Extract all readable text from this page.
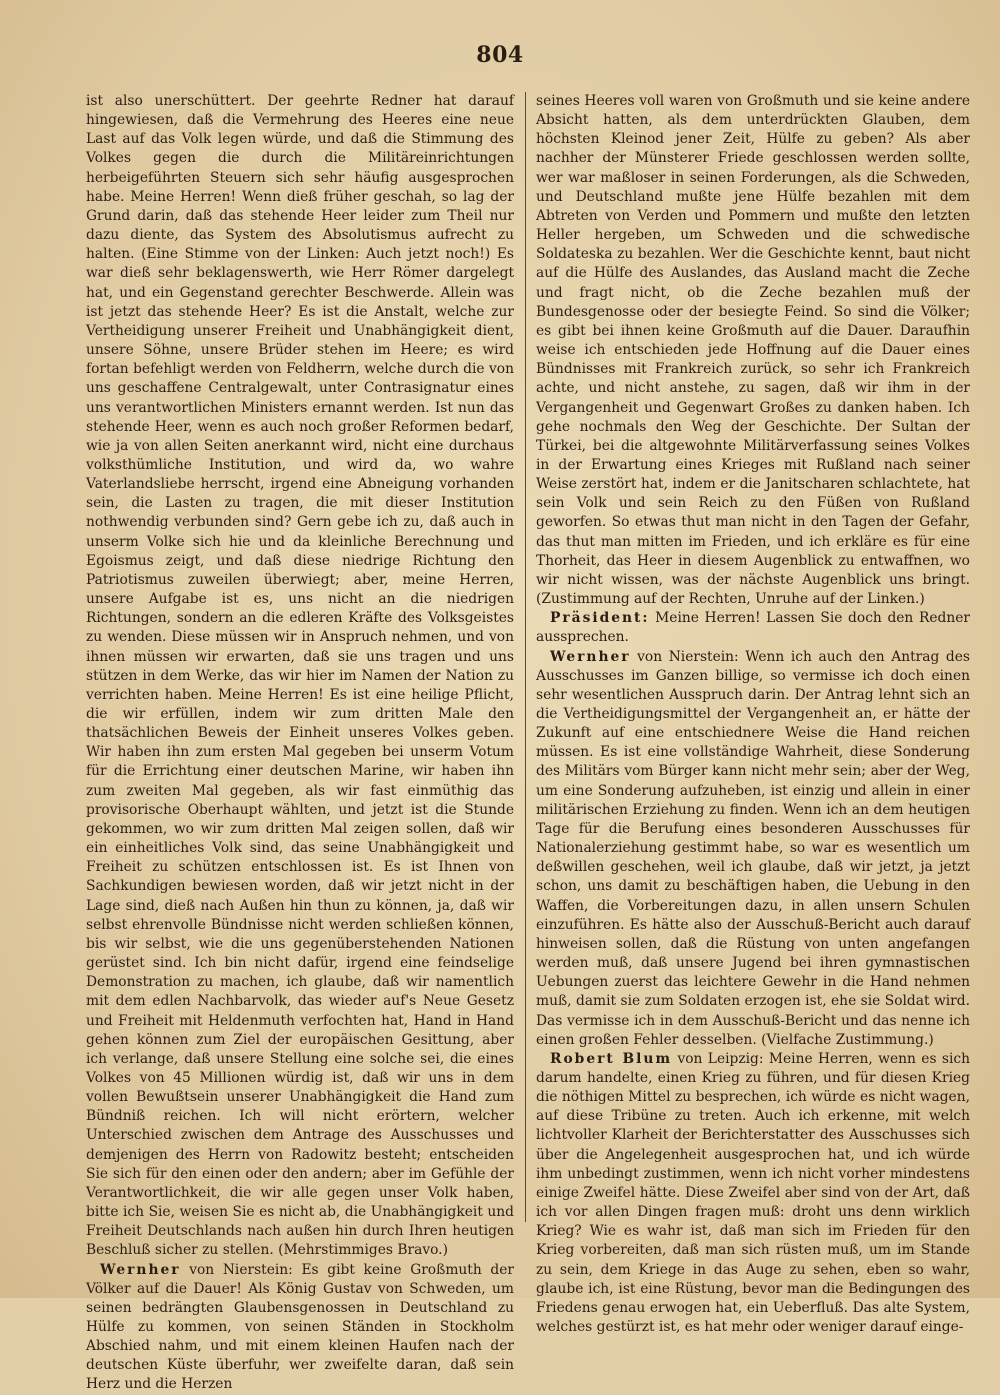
804

ist also unerschüttert. Der geehrte Redner hat darauf hingewiesen, daß die Vermehrung des Heeres eine neue Last auf das Volk legen würde, und daß die Stimmung des Volkes gegen die durch die Militäreinrichtungen herbeigeführten Steuern sich sehr häufig ausgesprochen habe. Meine Herren! Wenn dieß früher geschah, so lag der Grund darin, daß das stehende Heer leider zum Theil nur dazu diente, das System des Absolutismus aufrecht zu halten. (Eine Stimme von der Linken: Auch jetzt noch!) Es war dieß sehr beklagenswerth, wie Herr Römer dargelegt hat, und ein Gegenstand gerechter Beschwerde. Allein was ist jetzt das stehende Heer? Es ist die Anstalt, welche zur Vertheidigung unserer Freiheit und Unabhängigkeit dient, unsere Söhne, unsere Brüder stehen im Heere; es wird fortan befehligt werden von Feldherrn, welche durch die von uns geschaffene Centralgewalt, unter Contrasignatur eines uns verantwortlichen Ministers ernannt werden. Ist nun das stehende Heer, wenn es auch noch großer Reformen bedarf, wie ja von allen Seiten anerkannt wird, nicht eine durchaus volksthümliche Institution, und wird da, wo wahre Vaterlandsliebe herrscht, irgend eine Abneigung vorhanden sein, die Lasten zu tragen, die mit dieser Institution nothwendig verbunden sind? Gern gebe ich zu, daß auch in unserm Volke sich hie und da kleinliche Berechnung und Egoismus zeigt, und daß diese niedrige Richtung den Patriotismus zuweilen überwiegt; aber, meine Herren, unsere Aufgabe ist es, uns nicht an die niedrigen Richtungen, sondern an die edleren Kräfte des Volksgeistes zu wenden. Diese müssen wir in Anspruch nehmen, und von ihnen müssen wir erwarten, daß sie uns tragen und uns stützen in dem Werke, das wir hier im Namen der Nation zu verrichten haben. Meine Herren! Es ist eine heilige Pflicht, die wir erfüllen, indem wir zum dritten Male den thatsächlichen Beweis der Einheit unseres Volkes geben. Wir haben ihn zum ersten Mal gegeben bei unserm Votum für die Errichtung einer deutschen Marine, wir haben ihn zum zweiten Mal gegeben, als wir fast einmüthig das provisorische Oberhaupt wählten, und jetzt ist die Stunde gekommen, wo wir zum dritten Mal zeigen sollen, daß wir ein einheitliches Volk sind, das seine Unabhängigkeit und Freiheit zu schützen entschlossen ist. Es ist Ihnen von Sachkundigen bewiesen worden, daß wir jetzt nicht in der Lage sind, dieß nach Außen hin thun zu können, ja, daß wir selbst ehrenvolle Bündnisse nicht werden schließen können, bis wir selbst, wie die uns gegenüberstehenden Nationen gerüstet sind. Ich bin nicht dafür, irgend eine feindselige Demonstration zu machen, ich glaube, daß wir namentlich mit dem edlen Nachbarvolk, das wieder auf's Neue Gesetz und Freiheit mit Heldenmuth verfochten hat, Hand in Hand gehen können zum Ziel der europäischen Gesittung, aber ich verlange, daß unsere Stellung eine solche sei, die eines Volkes von 45 Millionen würdig ist, daß wir uns in dem vollen Bewußtsein unserer Unabhängigkeit die Hand zum Bündniß reichen. Ich will nicht erörtern, welcher Unterschied zwischen dem Antrage des Ausschusses und demjenigen des Herrn von Radowitz besteht; entscheiden Sie sich für den einen oder den andern; aber im Gefühle der Verantwortlichkeit, die wir alle gegen unser Volk haben, bitte ich Sie, weisen Sie es nicht ab, die Unabhängigkeit und Freiheit Deutschlands nach außen hin durch Ihren heutigen Beschluß sicher zu stellen. (Mehrstimmiges Bravo.)

Wernher von Nierstein: Es gibt keine Großmuth der Völker auf die Dauer! Als König Gustav von Schweden, um seinen bedrängten Glaubensgenossen in Deutschland zu Hülfe zu kommen, von seinen Ständen in Stockholm Abschied nahm, und mit einem kleinen Haufen nach der deutschen Küste überfuhr, wer zweifelte daran, daß sein Herz und die Herzen

seines Heeres voll waren von Großmuth und sie keine andere Absicht hatten, als dem unterdrückten Glauben, dem höchsten Kleinod jener Zeit, Hülfe zu geben? Als aber nachher der Münsterer Friede geschlossen werden sollte, wer war maßloser in seinen Forderungen, als die Schweden, und Deutschland mußte jene Hülfe bezahlen mit dem Abtreten von Verden und Pommern und mußte den letzten Heller hergeben, um Schweden und die schwedische Soldateska zu bezahlen. Wer die Geschichte kennt, baut nicht auf die Hülfe des Auslandes, das Ausland macht die Zeche und fragt nicht, ob die Zeche bezahlen muß der Bundesgenosse oder der besiegte Feind. So sind die Völker; es gibt bei ihnen keine Großmuth auf die Dauer. Daraufhin weise ich entschieden jede Hoffnung auf die Dauer eines Bündnisses mit Frankreich zurück, so sehr ich Frankreich achte, und nicht anstehe, zu sagen, daß wir ihm in der Vergangenheit und Gegenwart Großes zu danken haben. Ich gehe nochmals den Weg der Geschichte. Der Sultan der Türkei, bei die altgewohnte Militärverfassung seines Volkes in der Erwartung eines Krieges mit Rußland nach seiner Weise zerstört hat, indem er die Janitscharen schlachtete, hat sein Volk und sein Reich zu den Füßen von Rußland geworfen. So etwas thut man nicht in den Tagen der Gefahr, das thut man mitten im Frieden, und ich erkläre es für eine Thorheit, das Heer in diesem Augenblick zu entwaffnen, wo wir nicht wissen, was der nächste Augenblick uns bringt. (Zustimmung auf der Rechten, Unruhe auf der Linken.)

Präsident: Meine Herren! Lassen Sie doch den Redner aussprechen.

Wernher von Nierstein: Wenn ich auch den Antrag des Ausschusses im Ganzen billige, so vermisse ich doch einen sehr wesentlichen Ausspruch darin. Der Antrag lehnt sich an die Vertheidigungsmittel der Vergangenheit an, er hätte der Zukunft auf eine entschiednere Weise die Hand reichen müssen. Es ist eine vollständige Wahrheit, diese Sonderung des Militärs vom Bürger kann nicht mehr sein; aber der Weg, um eine Sonderung aufzuheben, ist einzig und allein in einer militärischen Erziehung zu finden. Wenn ich an dem heutigen Tage für die Berufung eines besonderen Ausschusses für Nationalerziehung gestimmt habe, so war es wesentlich um deßwillen geschehen, weil ich glaube, daß wir jetzt, ja jetzt schon, uns damit zu beschäftigen haben, die Uebung in den Waffen, die Vorbereitungen dazu, in allen unsern Schulen einzuführen. Es hätte also der Ausschuß-Bericht auch darauf hinweisen sollen, daß die Rüstung von unten angefangen werden muß, daß unsere Jugend bei ihren gymnastischen Uebungen zuerst das leichtere Gewehr in die Hand nehmen muß, damit sie zum Soldaten erzogen ist, ehe sie Soldat wird. Das vermisse ich in dem Ausschuß-Bericht und das nenne ich einen großen Fehler desselben. (Vielfache Zustimmung.)

Robert Blum von Leipzig: Meine Herren, wenn es sich darum handelte, einen Krieg zu führen, und für diesen Krieg die nöthigen Mittel zu besprechen, ich würde es nicht wagen, auf diese Tribüne zu treten. Auch ich erkenne, mit welch lichtvoller Klarheit der Berichterstatter des Ausschusses sich über die Angelegenheit ausgesprochen hat, und ich würde ihm unbedingt zustimmen, wenn ich nicht vorher mindestens einige Zweifel hätte. Diese Zweifel aber sind von der Art, daß ich vor allen Dingen fragen muß: droht uns denn wirklich Krieg? Wie es wahr ist, daß man sich im Frieden für den Krieg vorbereiten, daß man sich rüsten muß, um im Stande zu sein, dem Kriege in das Auge zu sehen, eben so wahr, glaube ich, ist eine Rüstung, bevor man die Bedingungen des Friedens genau erwogen hat, ein Ueberfluß. Das alte System, welches gestürzt ist, es hat mehr oder weniger darauf einge-
